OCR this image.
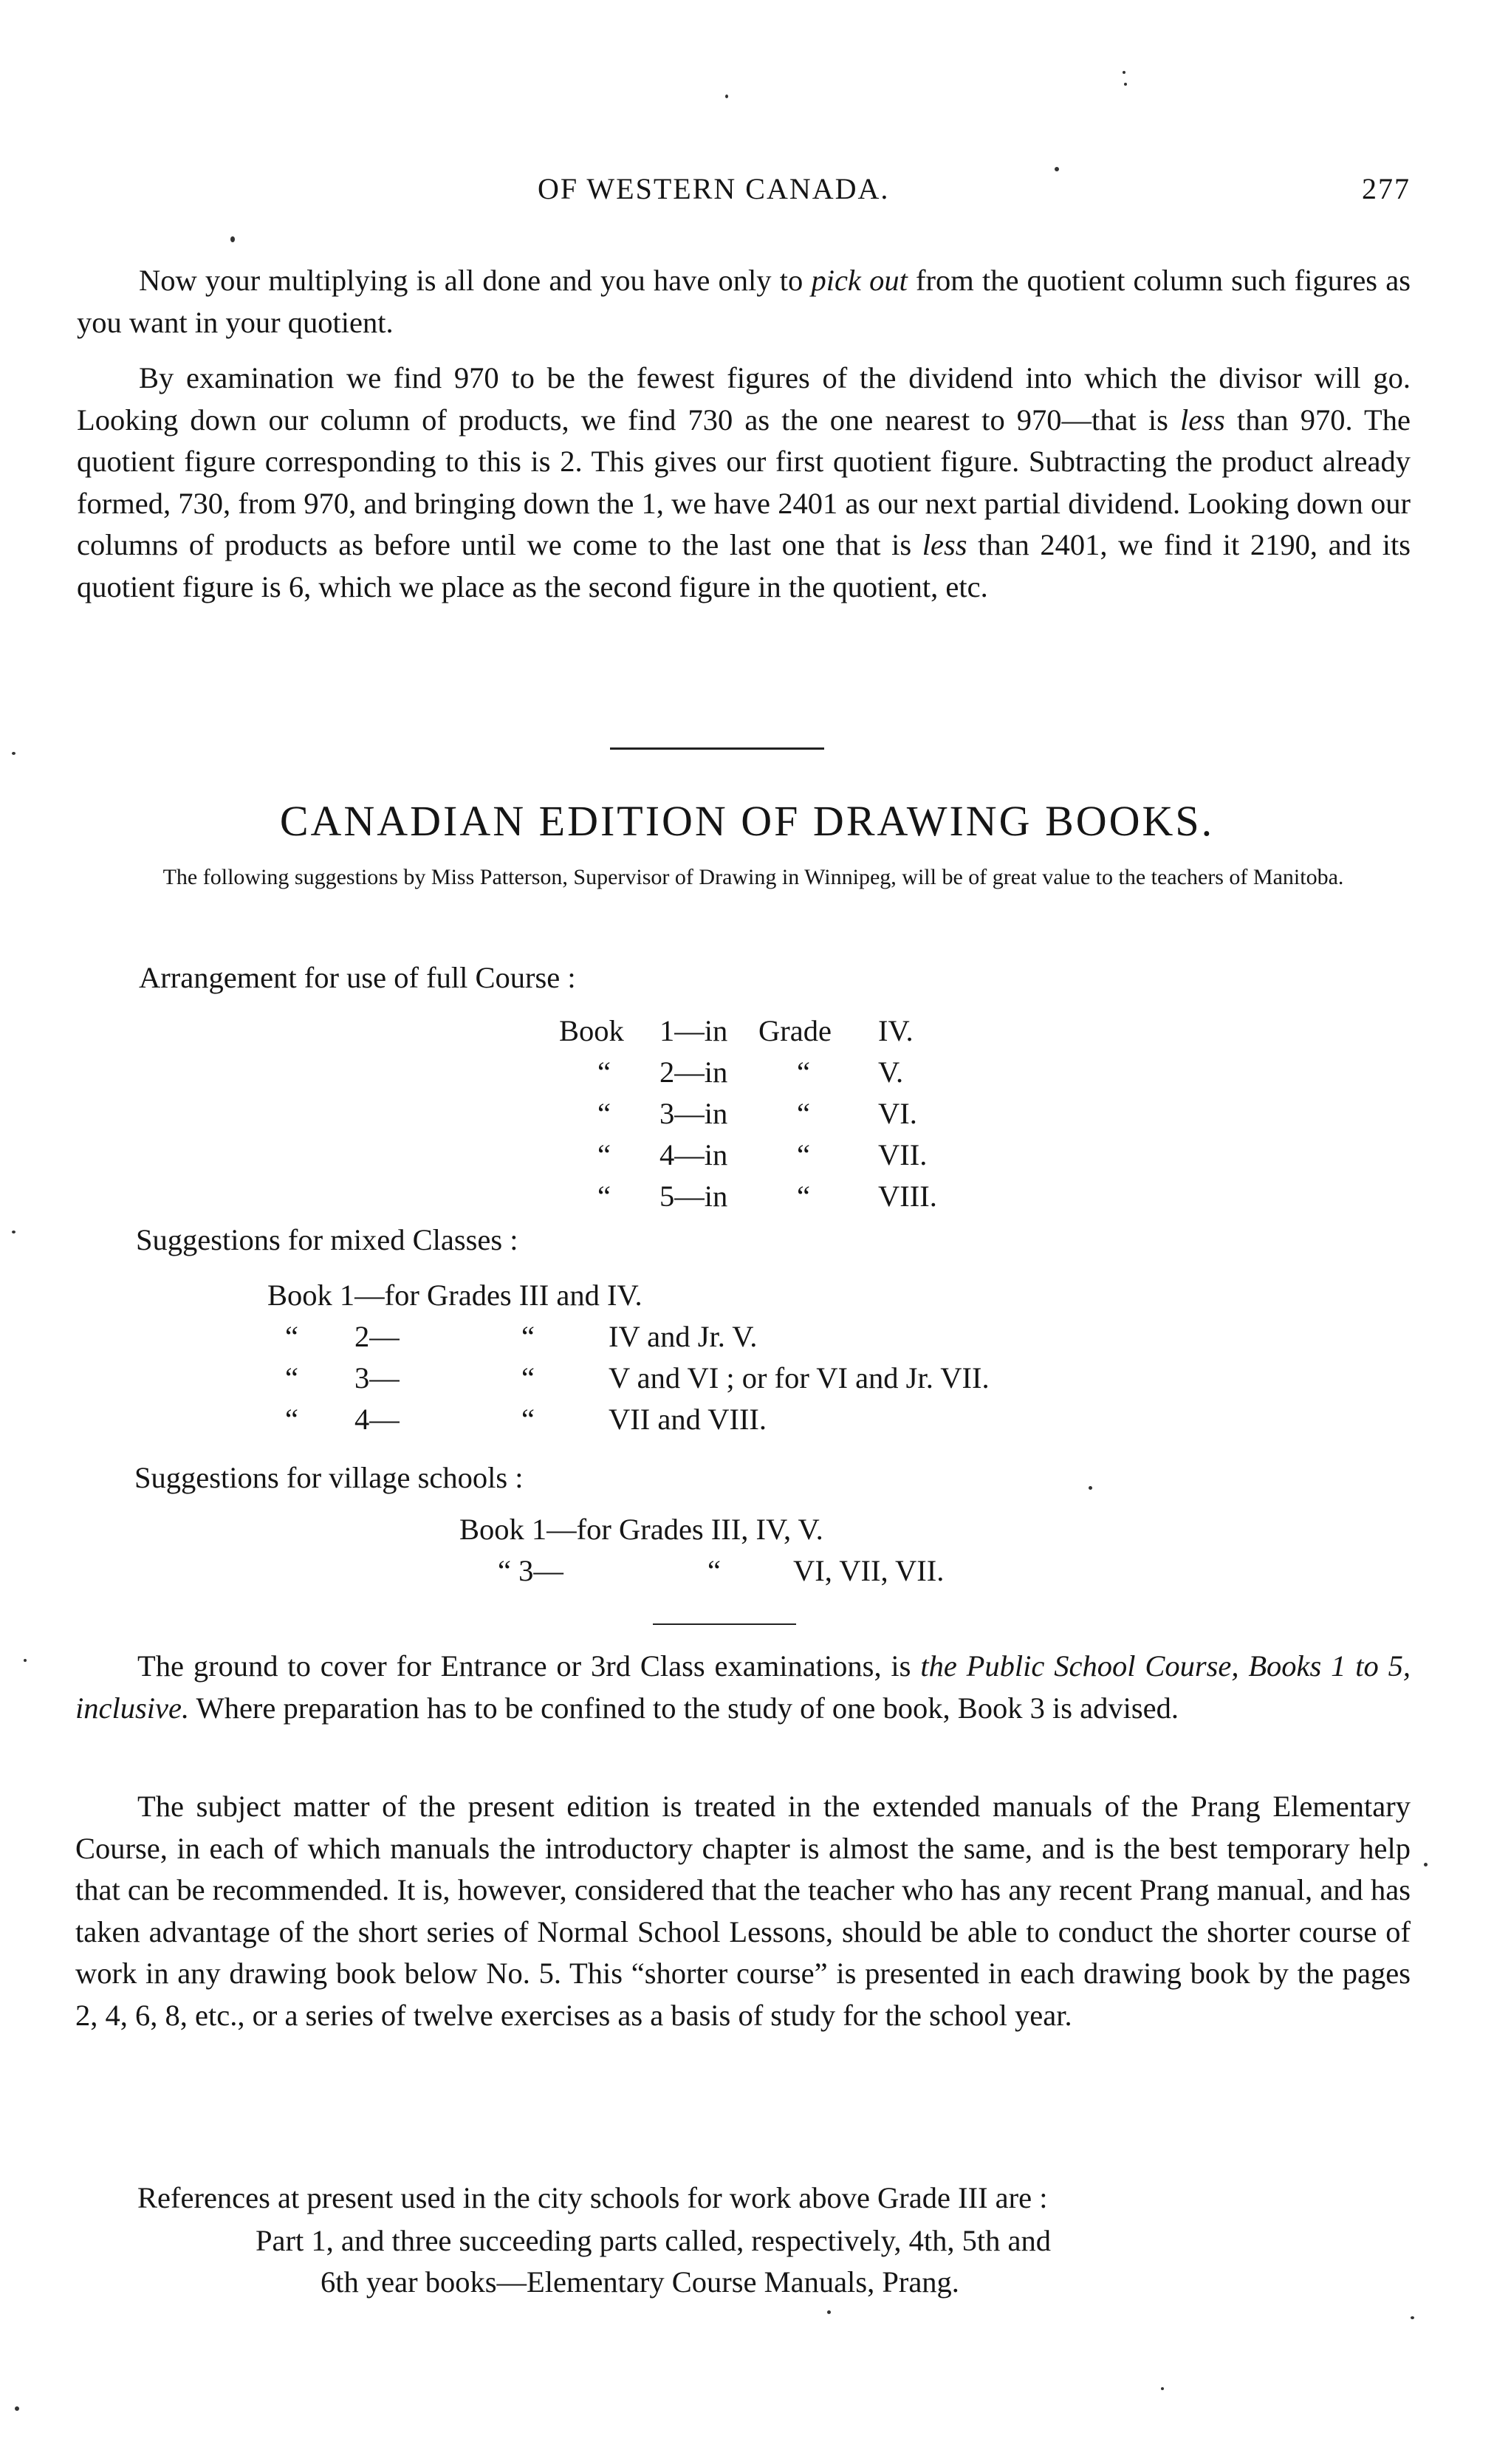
OF WESTERN CANADA.	277
Now your multiplying is all done and you have only to pick out from the quotient column such figures as you want in your quotient.
By examination we find 970 to be the fewest figures of the dividend into which the divisor will go. Looking down our column of products, we find 730 as the one nearest to 970—that is less than 970. The quotient figure corresponding to this is 2. This gives our first quotient figure. Subtracting the product already formed, 730, from 970, and bringing down the 1, we have 2401 as our next partial dividend. Looking down our columns of products as before until we come to the last one that is less than 2401, we find it 2190, and its quotient figure is 6, which we place as the second figure in the quotient, etc.
CANADIAN EDITION OF DRAWING BOOKS.
The following suggestions by Miss Patterson, Supervisor of Drawing in Winnipeg, will be of great value to the teachers of Manitoba.
Arrangement for use of full Course :
Book 1—in Grade IV.
“ 2—in “ V.
“ 3—in “ VI.
“ 4—in “ VII.
“ 5—in “ VIII.
Suggestions for mixed Classes :
Book 1—for Grades III and IV.
“ 2—	“ IV and Jr. V.
“ 3—	“ V and VI ; or for VI and Jr. VII.
“ 4—	“ VII and VIII.
Suggestions for village schools :
Book 1—for Grades III, IV, V.
“ 3—	“ VI, VII, VII.
The ground to cover for Entrance or 3rd Class examinations, is the Public School Course, Books 1 to 5, inclusive. Where preparation has to be confined to the study of one book, Book 3 is advised.
The subject matter of the present edition is treated in the extended manuals of the Prang Elementary Course, in each of which manuals the introductory chapter is almost the same, and is the best temporary help that can be recommended. It is, however, considered that the teacher who has any recent Prang manual, and has taken advantage of the short series of Normal School Lessons, should be able to conduct the shorter course of work in any drawing book below No. 5. This “shorter course” is presented in each drawing book by the pages 2, 4, 6, 8, etc., or a series of twelve exercises as a basis of study for the school year.
References at present used in the city schools for work above Grade III are :
Part 1, and three succeeding parts called, respectively, 4th, 5th and
6th year books—Elementary Course Manuals, Prang.
